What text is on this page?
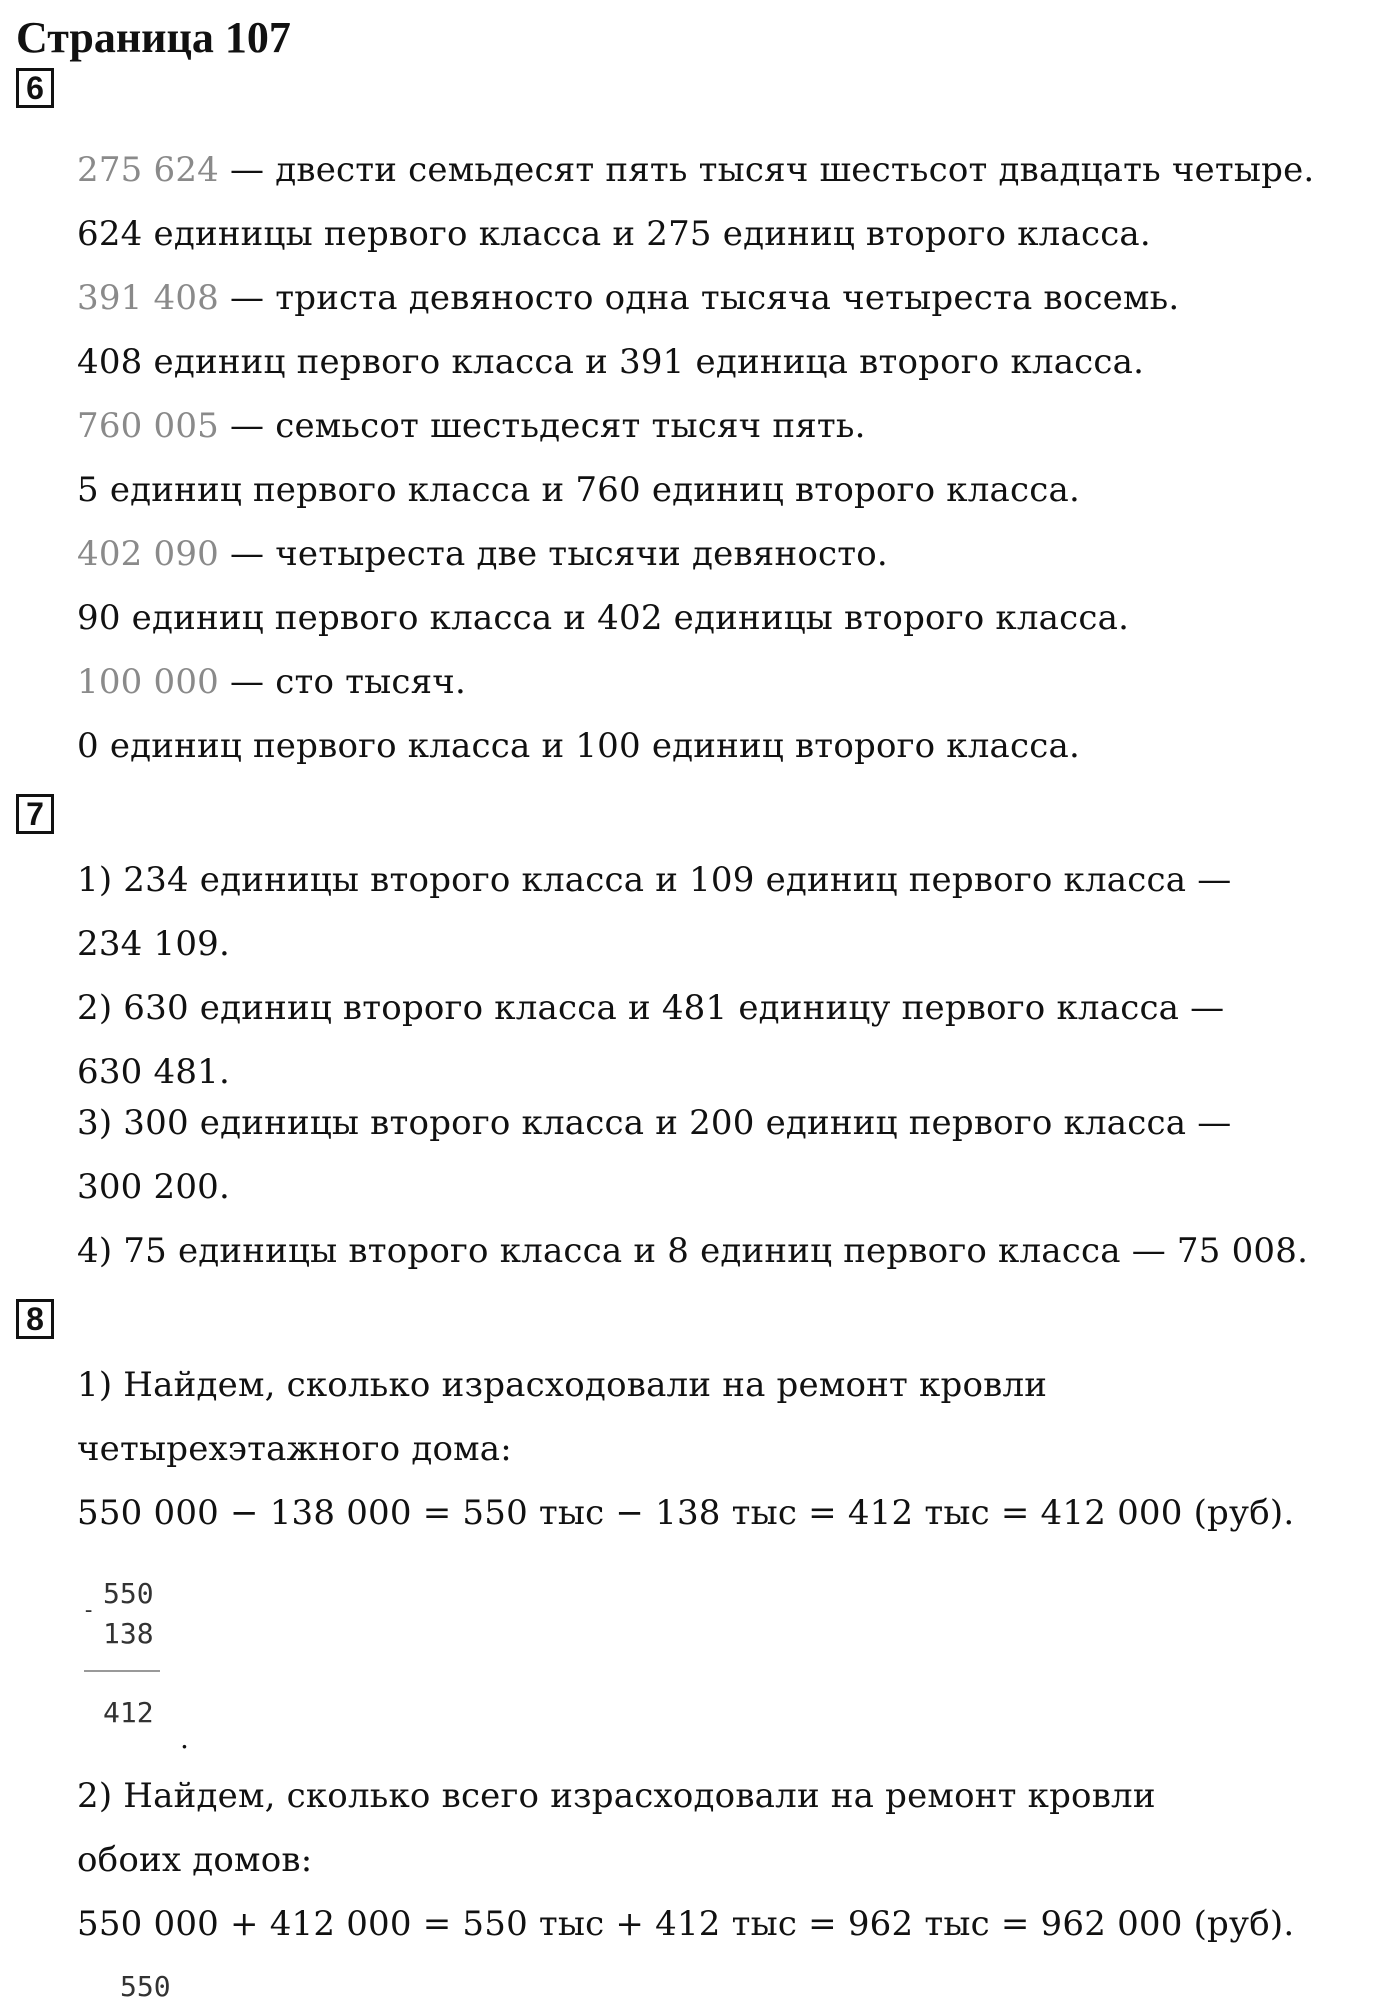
Страница 107
6
275 624 — двести семьдесят пять тысяч шестьсот двадцать четыре.
624 единицы первого класса и 275 единиц второго класса.
391 408 — триста девяносто одна тысяча четыреста восемь.
408 единиц первого класса и 391 единица второго класса.
760 005 — семьсот шестьдесят тысяч пять.
5 единиц первого класса и 760 единиц второго класса.
402 090 — четыреста две тысячи девяносто.
90 единиц первого класса и 402 единицы второго класса.
100 000 — сто тысяч.
0 единиц первого класса и 100 единиц второго класса.
7
1) 234 единицы второго класса и 109 единиц первого класса —
234 109.
2) 630 единиц второго класса и 481 единицу первого класса —
630 481.
3) 300 единицы второго класса и 200 единиц первого класса —
300 200.
4) 75 единицы второго класса и 8 единиц первого класса — 75 008.
8
1) Найдем, сколько израсходовали на ремонт кровли
четырехэтажного дома:
550 000 − 138 000 = 550 тыс − 138 тыс = 412 тыс = 412 000 (руб).
550
-
138
412
.
2) Найдем, сколько всего израсходовали на ремонт кровли
обоих домов:
550 000 + 412 000 = 550 тыс + 412 тыс = 962 тыс = 962 000 (руб).
550
